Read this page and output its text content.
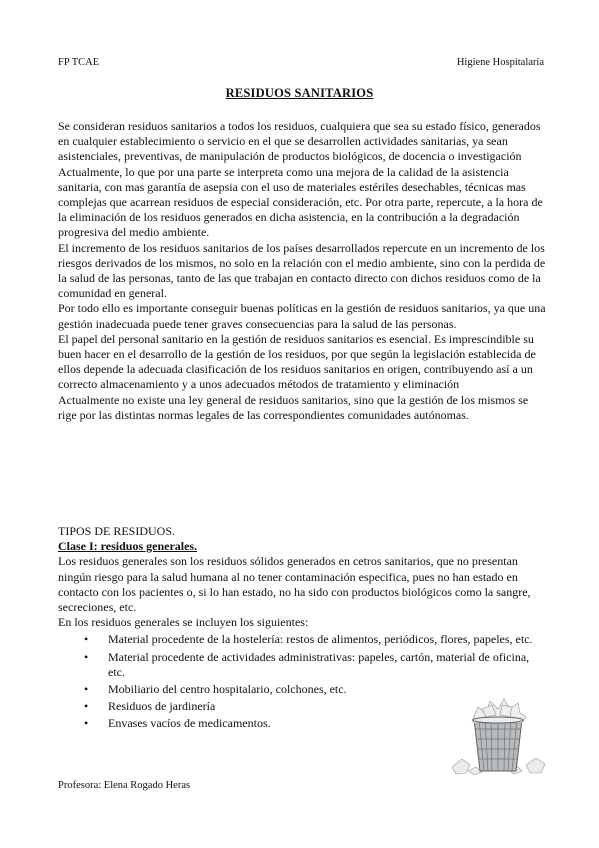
FP TCAE	Higiene Hospitalaria
RESIDUOS SANITARIOS

Se consideran residuos sanitarios a todos los residuos, cualquiera que sea su estado físico, generados en cualquier establecimiento o servicio en el que se desarrollen actividades sanitarias, ya sean asistenciales, preventivas, de manipulación de productos biológicos, de docencia o investigación

Actualmente, lo que por una parte se interpreta como una mejora de la calidad de la asistencia sanitaria, con mas garantía de asepsia con el uso de materiales estériles desechables, técnicas mas complejas que acarrean residuos de especial consideración, etc. Por otra parte, repercute, a la hora de la eliminación de los residuos generados en dicha asistencia, en la contribución a la degradación progresiva del medio ambiente.

El incremento de los residuos sanitarios de los países desarrollados repercute en un incremento de los riesgos derivados de los mismos, no solo en la relación con el medio ambiente, sino con la perdida de la salud de las personas, tanto de las que trabajan en contacto directo con dichos residuos como de la comunidad en general.

Por todo ello es importante conseguir buenas políticas en la gestión de residuos sanitarios, ya que una gestión inadecuada puede tener graves consecuencias para la salud de las personas.

El papel del personal sanitario en la gestión de residuos sanitarios es esencial. Es imprescindible su buen hacer en el desarrollo de la gestión de los residuos, por que según la legislación establecida de ellos depende la adecuada clasificación de los residuos sanitarios en origen, contribuyendo así a un correcto almacenamiento y a unos adecuados métodos de tratamiento y eliminación

Actualmente no existe una ley general de residuos sanitarios, sino que la gestión de los mismos se rige por las distintas normas legales de las correspondientes comunidades autónomas.

TIPOS DE RESIDUOS.

Clase I: residuos generales.

Los residuos generales son los residuos sólidos generados en cetros sanitarios, que no presentan ningún riesgo para la salud humana al no tener contaminación especifica, pues no han estado en contacto con los pacientes o, si lo han estado, no ha sido con productos biológicos como la sangre, secreciones, etc.

En los residuos generales se incluyen los siguientes:

• Material procedente de la hostelería: restos de alimentos, periódicos, flores, papeles, etc.
• Material procedente de actividades administrativas: papeles, cartón, material de oficina, etc.
• Mobiliario del centro hospitalario, colchones, etc.
• Residuos de jardinería
• Envases vacíos de medicamentos.
Profesora: Elena Rogado Heras
